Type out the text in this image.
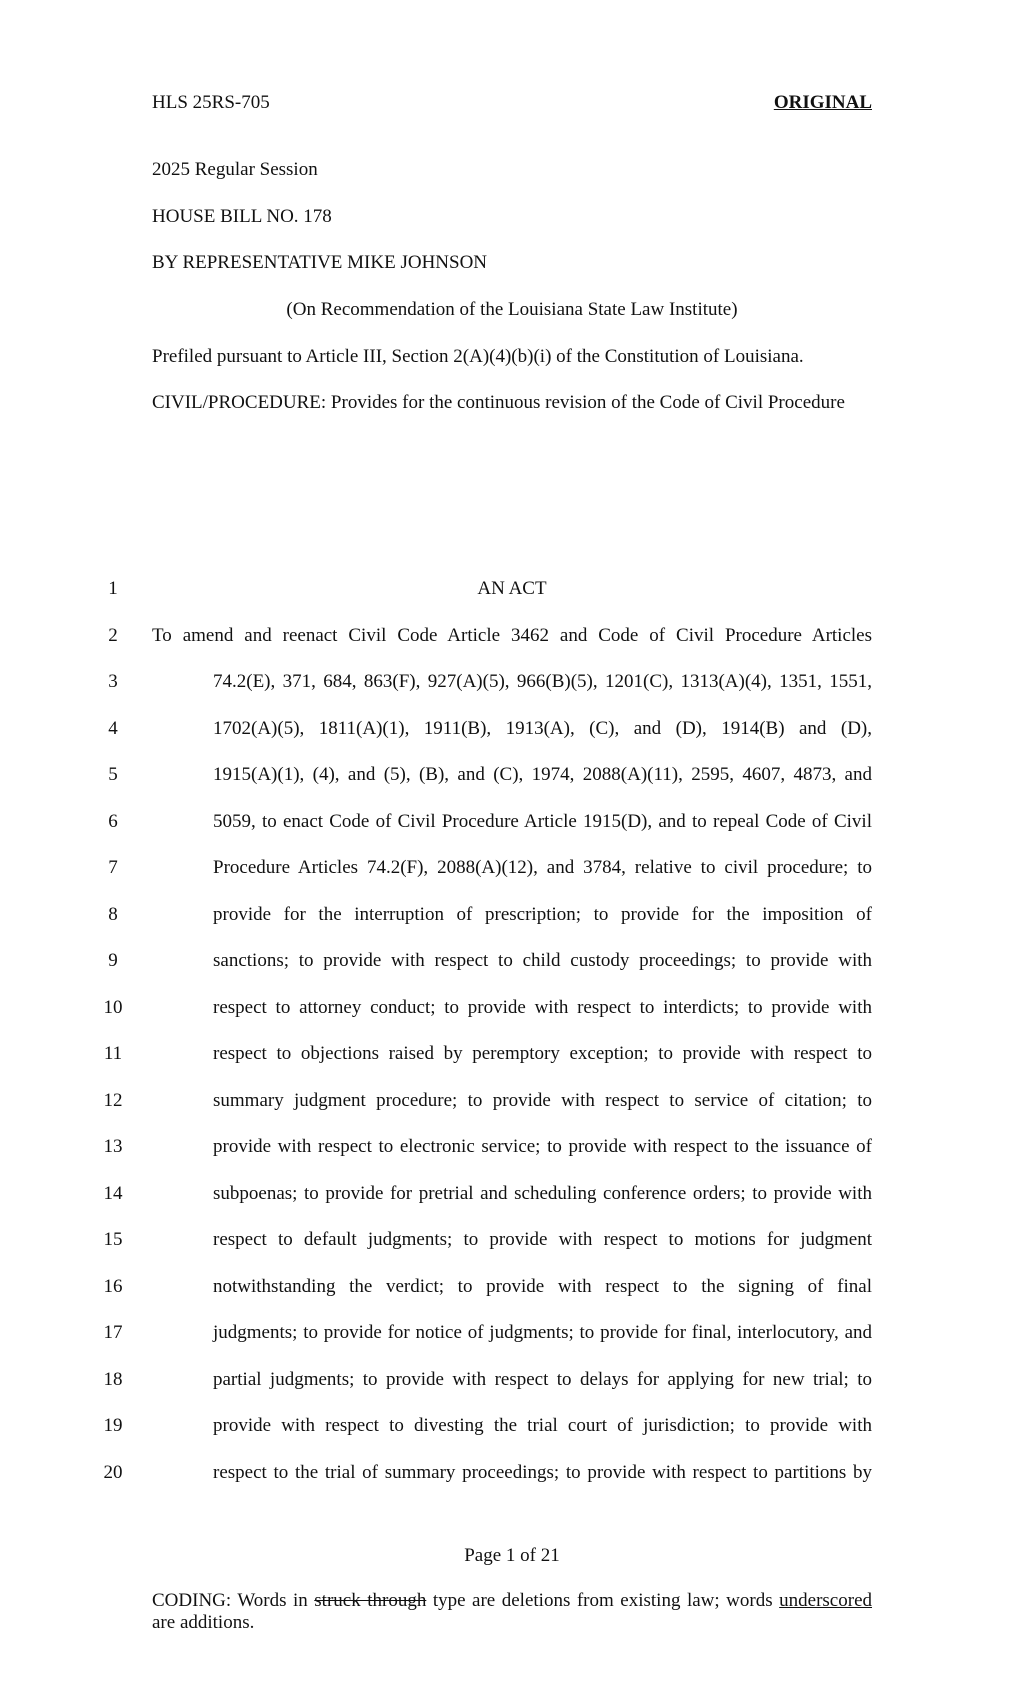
HLS 25RS-705	ORIGINAL
2025 Regular Session
HOUSE BILL NO. 178
BY REPRESENTATIVE MIKE JOHNSON
(On Recommendation of the Louisiana State Law Institute)
Prefiled pursuant to Article III, Section 2(A)(4)(b)(i) of the Constitution of Louisiana.
CIVIL/PROCEDURE: Provides for the continuous revision of the Code of Civil Procedure
1	AN ACT
2	To amend and reenact Civil Code Article 3462 and Code of Civil Procedure Articles
3	74.2(E), 371, 684, 863(F), 927(A)(5), 966(B)(5), 1201(C), 1313(A)(4), 1351, 1551,
4	1702(A)(5), 1811(A)(1), 1911(B), 1913(A), (C), and (D), 1914(B) and (D),
5	1915(A)(1), (4), and (5), (B), and (C), 1974, 2088(A)(11), 2595, 4607, 4873, and
6	5059, to enact Code of Civil Procedure Article 1915(D), and to repeal Code of Civil
7	Procedure Articles 74.2(F), 2088(A)(12), and 3784, relative to civil procedure; to
8	provide for the interruption of prescription; to provide for the imposition of
9	sanctions; to provide with respect to child custody proceedings; to provide with
10	respect to attorney conduct; to provide with respect to interdicts; to provide with
11	respect to objections raised by peremptory exception; to provide with respect to
12	summary judgment procedure; to provide with respect to service of citation; to
13	provide with respect to electronic service; to provide with respect to the issuance of
14	subpoenas; to provide for pretrial and scheduling conference orders; to provide with
15	respect to default judgments; to provide with respect to motions for judgment
16	notwithstanding the verdict; to provide with respect to the signing of final
17	judgments; to provide for notice of judgments; to provide for final, interlocutory, and
18	partial judgments; to provide with respect to delays for applying for new trial; to
19	provide with respect to divesting the trial court of jurisdiction; to provide with
20	respect to the trial of summary proceedings; to provide with respect to partitions by
Page 1 of 21
CODING: Words in struck through type are deletions from existing law; words underscored
are additions.
